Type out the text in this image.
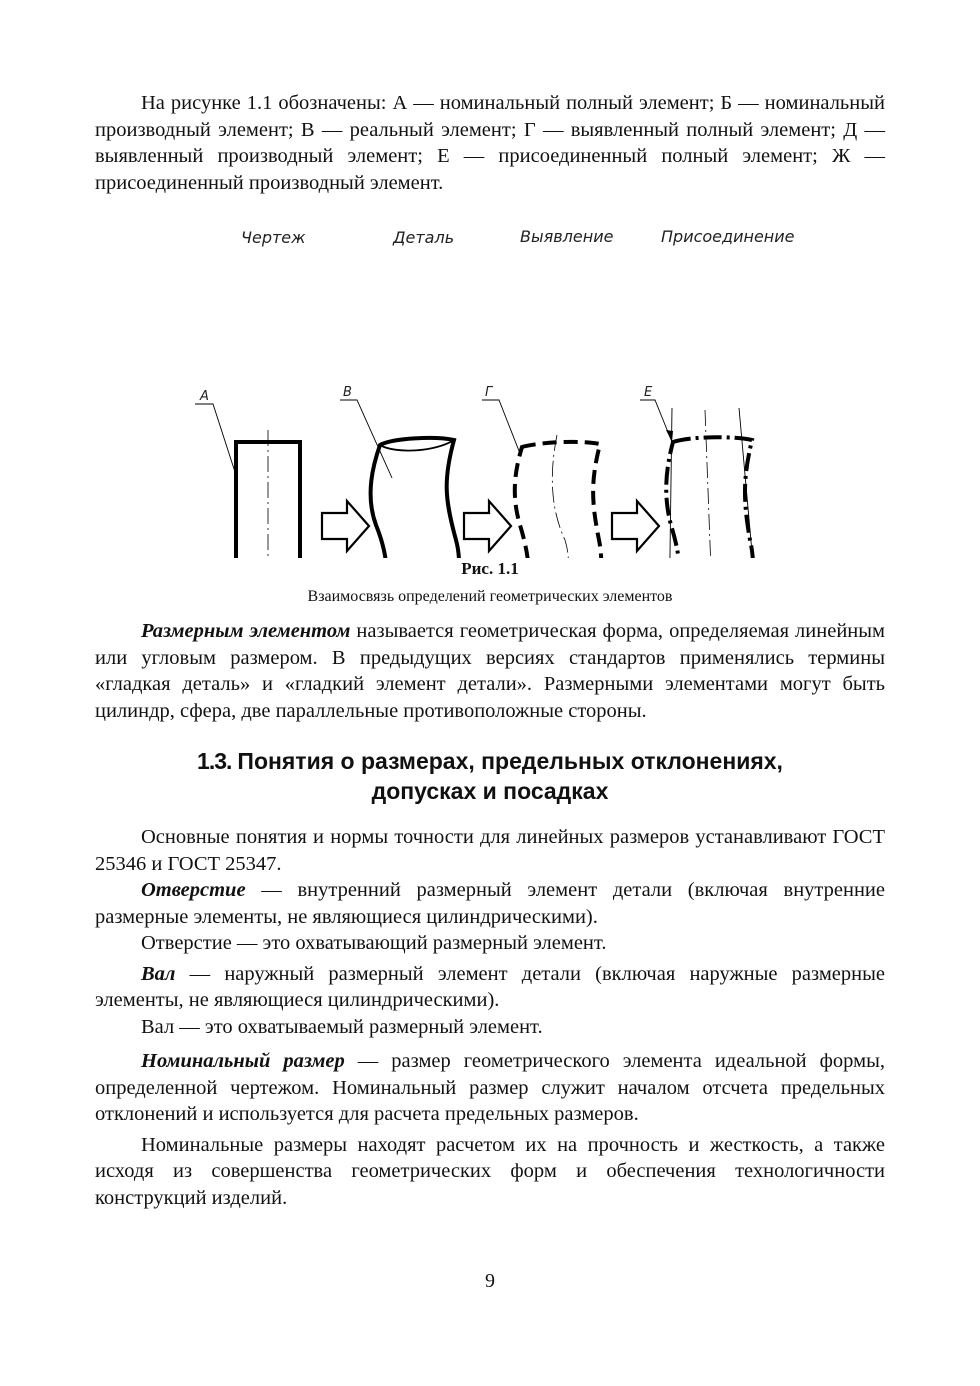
На рисунке 1.1 обозначены: А — номинальный полный элемент; Б — номинальный производный элемент; В — реальный элемент; Г — выявленный полный элемент; Д — выявленный производный элемент; Е — присоединенный полный элемент; Ж — присоединенный производный элемент.

Чертеж	Деталь	Выявление	Присоединение
А	В	Г	Е
Рис. 1.1
Взаимосвязь определений геометрических элементов

Размерным элементом называется геометрическая форма, определяемая линейным или угловым размером. В предыдущих версиях стандартов применялись термины «гладкая деталь» и «гладкий элемент детали». Размерными элементами могут быть цилиндр, сфера, две параллельные противоположные стороны.

1.3. Понятия о размерах, предельных отклонениях,
допусках и посадках

Основные понятия и нормы точности для линейных размеров устанавливают ГОСТ 25346 и ГОСТ 25347.

Отверстие — внутренний размерный элемент детали (включая внутренние размерные элементы, не являющиеся цилиндрическими).

Отверстие — это охватывающий размерный элемент.

Вал — наружный размерный элемент детали (включая наружные размерные элементы, не являющиеся цилиндрическими).

Вал — это охватываемый размерный элемент.

Номинальный размер — размер геометрического элемента идеальной формы, определенной чертежом. Номинальный размер служит началом отсчета предельных отклонений и используется для расчета предельных размеров.

Номинальные размеры находят расчетом их на прочность и жесткость, а также исходя из совершенства геометрических форм и обеспечения технологичности конструкций изделий.

9
